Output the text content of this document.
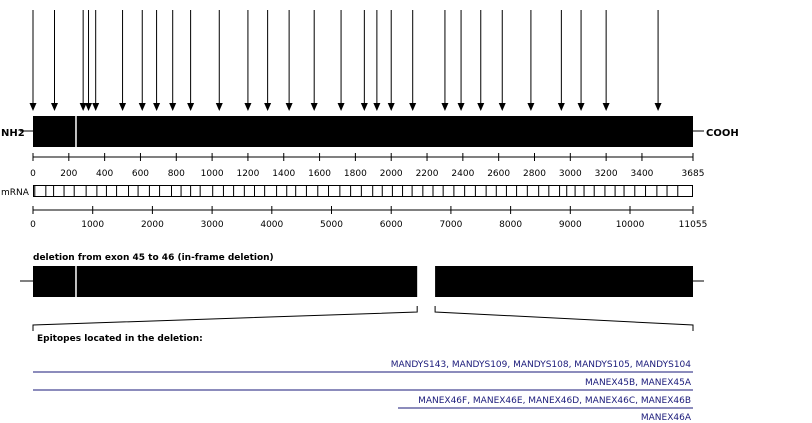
NH2	COOH
0	200 400 600 800 1000 1200 1400 1600 1800 2000 2200 2400 2600 2800 3000 3200 3400	3685
mRNA
0	1000	2000	3000	4000	5000	6000	7000	8000	9000	10000	11055
deletion from exon 45 to 46 (in-frame deletion)
Epitopes located in the deletion:
MANDYS143, MANDYS109, MANDYS108, MANDYS105, MANDYS104
MANEX45B, MANEX45A
MANEX46F, MANEX46E, MANEX46D, MANEX46C, MANEX46B
MANEX46A
